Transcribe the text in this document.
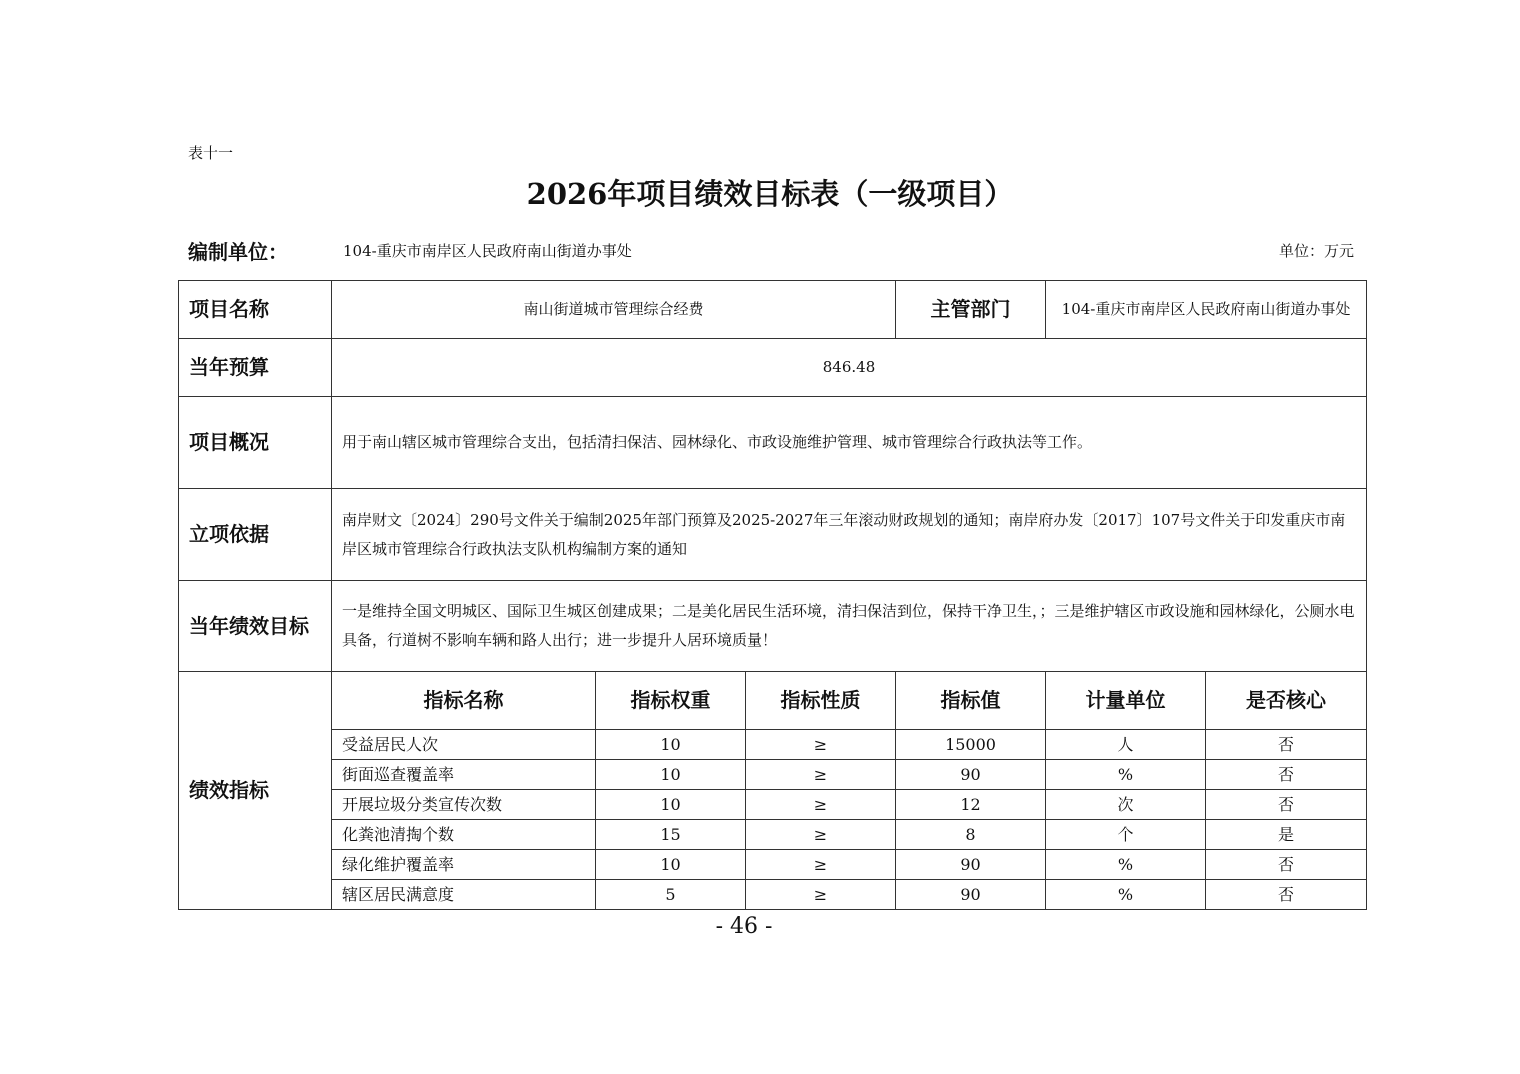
表十一
2026年项目绩效目标表（一级项目）
编制单位：	104-重庆市南岸区人民政府南山街道办事处	单位：万元
项目名称	南山街道城市管理综合经费			主管部门	104-重庆市南岸区人民政府南山街道办事处	
当年预算	846.48					
项目概况	用于南山辖区城市管理综合支出，包括清扫保洁、园林绿化、市政设施维护管理、城市管理综合行政执法等工作。					
立项依据	南岸财文〔2024〕290号文件关于编制2025年部门预算及2025-2027年三年滚动财政规划的通知；南岸府办发〔2017〕107号文件关于印发重庆市南岸区城市管理综合行政执法支队机构编制方案的通知					
当年绩效目标	一是维持全国文明城区、国际卫生城区创建成果；二是美化居民生活环境，清扫保洁到位，保持干净卫生，；三是维护辖区市政设施和园林绿化，公厕水电具备，行道树不影响车辆和路人出行；进一步提升人居环境质量！					
绩效指标	指标名称	指标权重	指标性质	指标值	计量单位	是否核心
	受益居民人次	10	≥	15000	人	否
	街面巡查覆盖率	10	≥	90	%	否
	开展垃圾分类宣传次数	10	≥	12	次	否
	化粪池清掏个数	15	≥	8	个	是
	绿化维护覆盖率	10	≥	90	%	否
	辖区居民满意度	5	≥	90	%	否
- 46 -
